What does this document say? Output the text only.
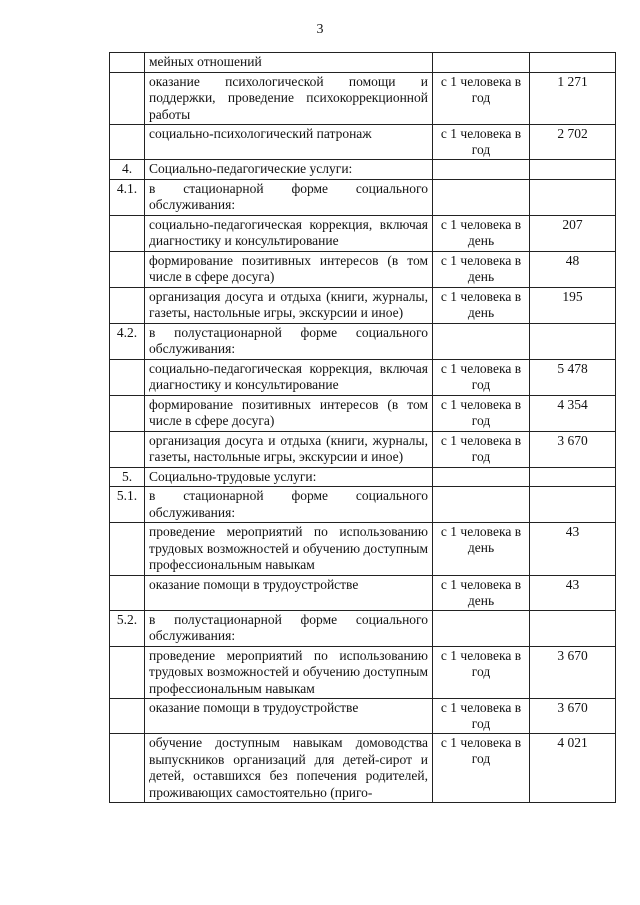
3
	мейных отношений		
	оказание психологической помощи и поддержки, проведение психокоррекционной работы	с 1 человека в год	1 271
	социально-психологический патронаж	с 1 человека в год	2 702
4.	Социально-педагогические услуги:		
4.1.	в стационарной форме социального обслуживания:		
	социально-педагогическая коррекция, включая диагностику и консультирование	с 1 человека в день	207
	формирование позитивных интересов (в том числе в сфере досуга)	с 1 человека в день	48
	организация досуга и отдыха (книги, журналы, газеты, настольные игры, экскурсии и иное)	с 1 человека в день	195
4.2.	в полустационарной форме социального обслуживания:		
	социально-педагогическая коррекция, включая диагностику и консультирование	с 1 человека в год	5 478
	формирование позитивных интересов (в том числе в сфере досуга)	с 1 человека в год	4 354
	организация досуга и отдыха (книги, журналы, газеты, настольные игры, экскурсии и иное)	с 1 человека в год	3 670
5.	Социально-трудовые услуги:		
5.1.	в стационарной форме социального обслуживания:		
	проведение мероприятий по использованию трудовых возможностей и обучению доступным профессиональным навыкам	с 1 человека в день	43
	оказание помощи в трудоустройстве	с 1 человека в день	43
5.2.	в полустационарной форме социального обслуживания:		
	проведение мероприятий по использованию трудовых возможностей и обучению доступным профессиональным навыкам	с 1 человека в год	3 670
	оказание помощи в трудоустройстве	с 1 человека в год	3 670
	обучение доступным навыкам домоводства выпускников организаций для детей-сирот и детей, оставшихся без попечения родителей, проживающих самостоятельно (приго-	с 1 человека в год	4 021
